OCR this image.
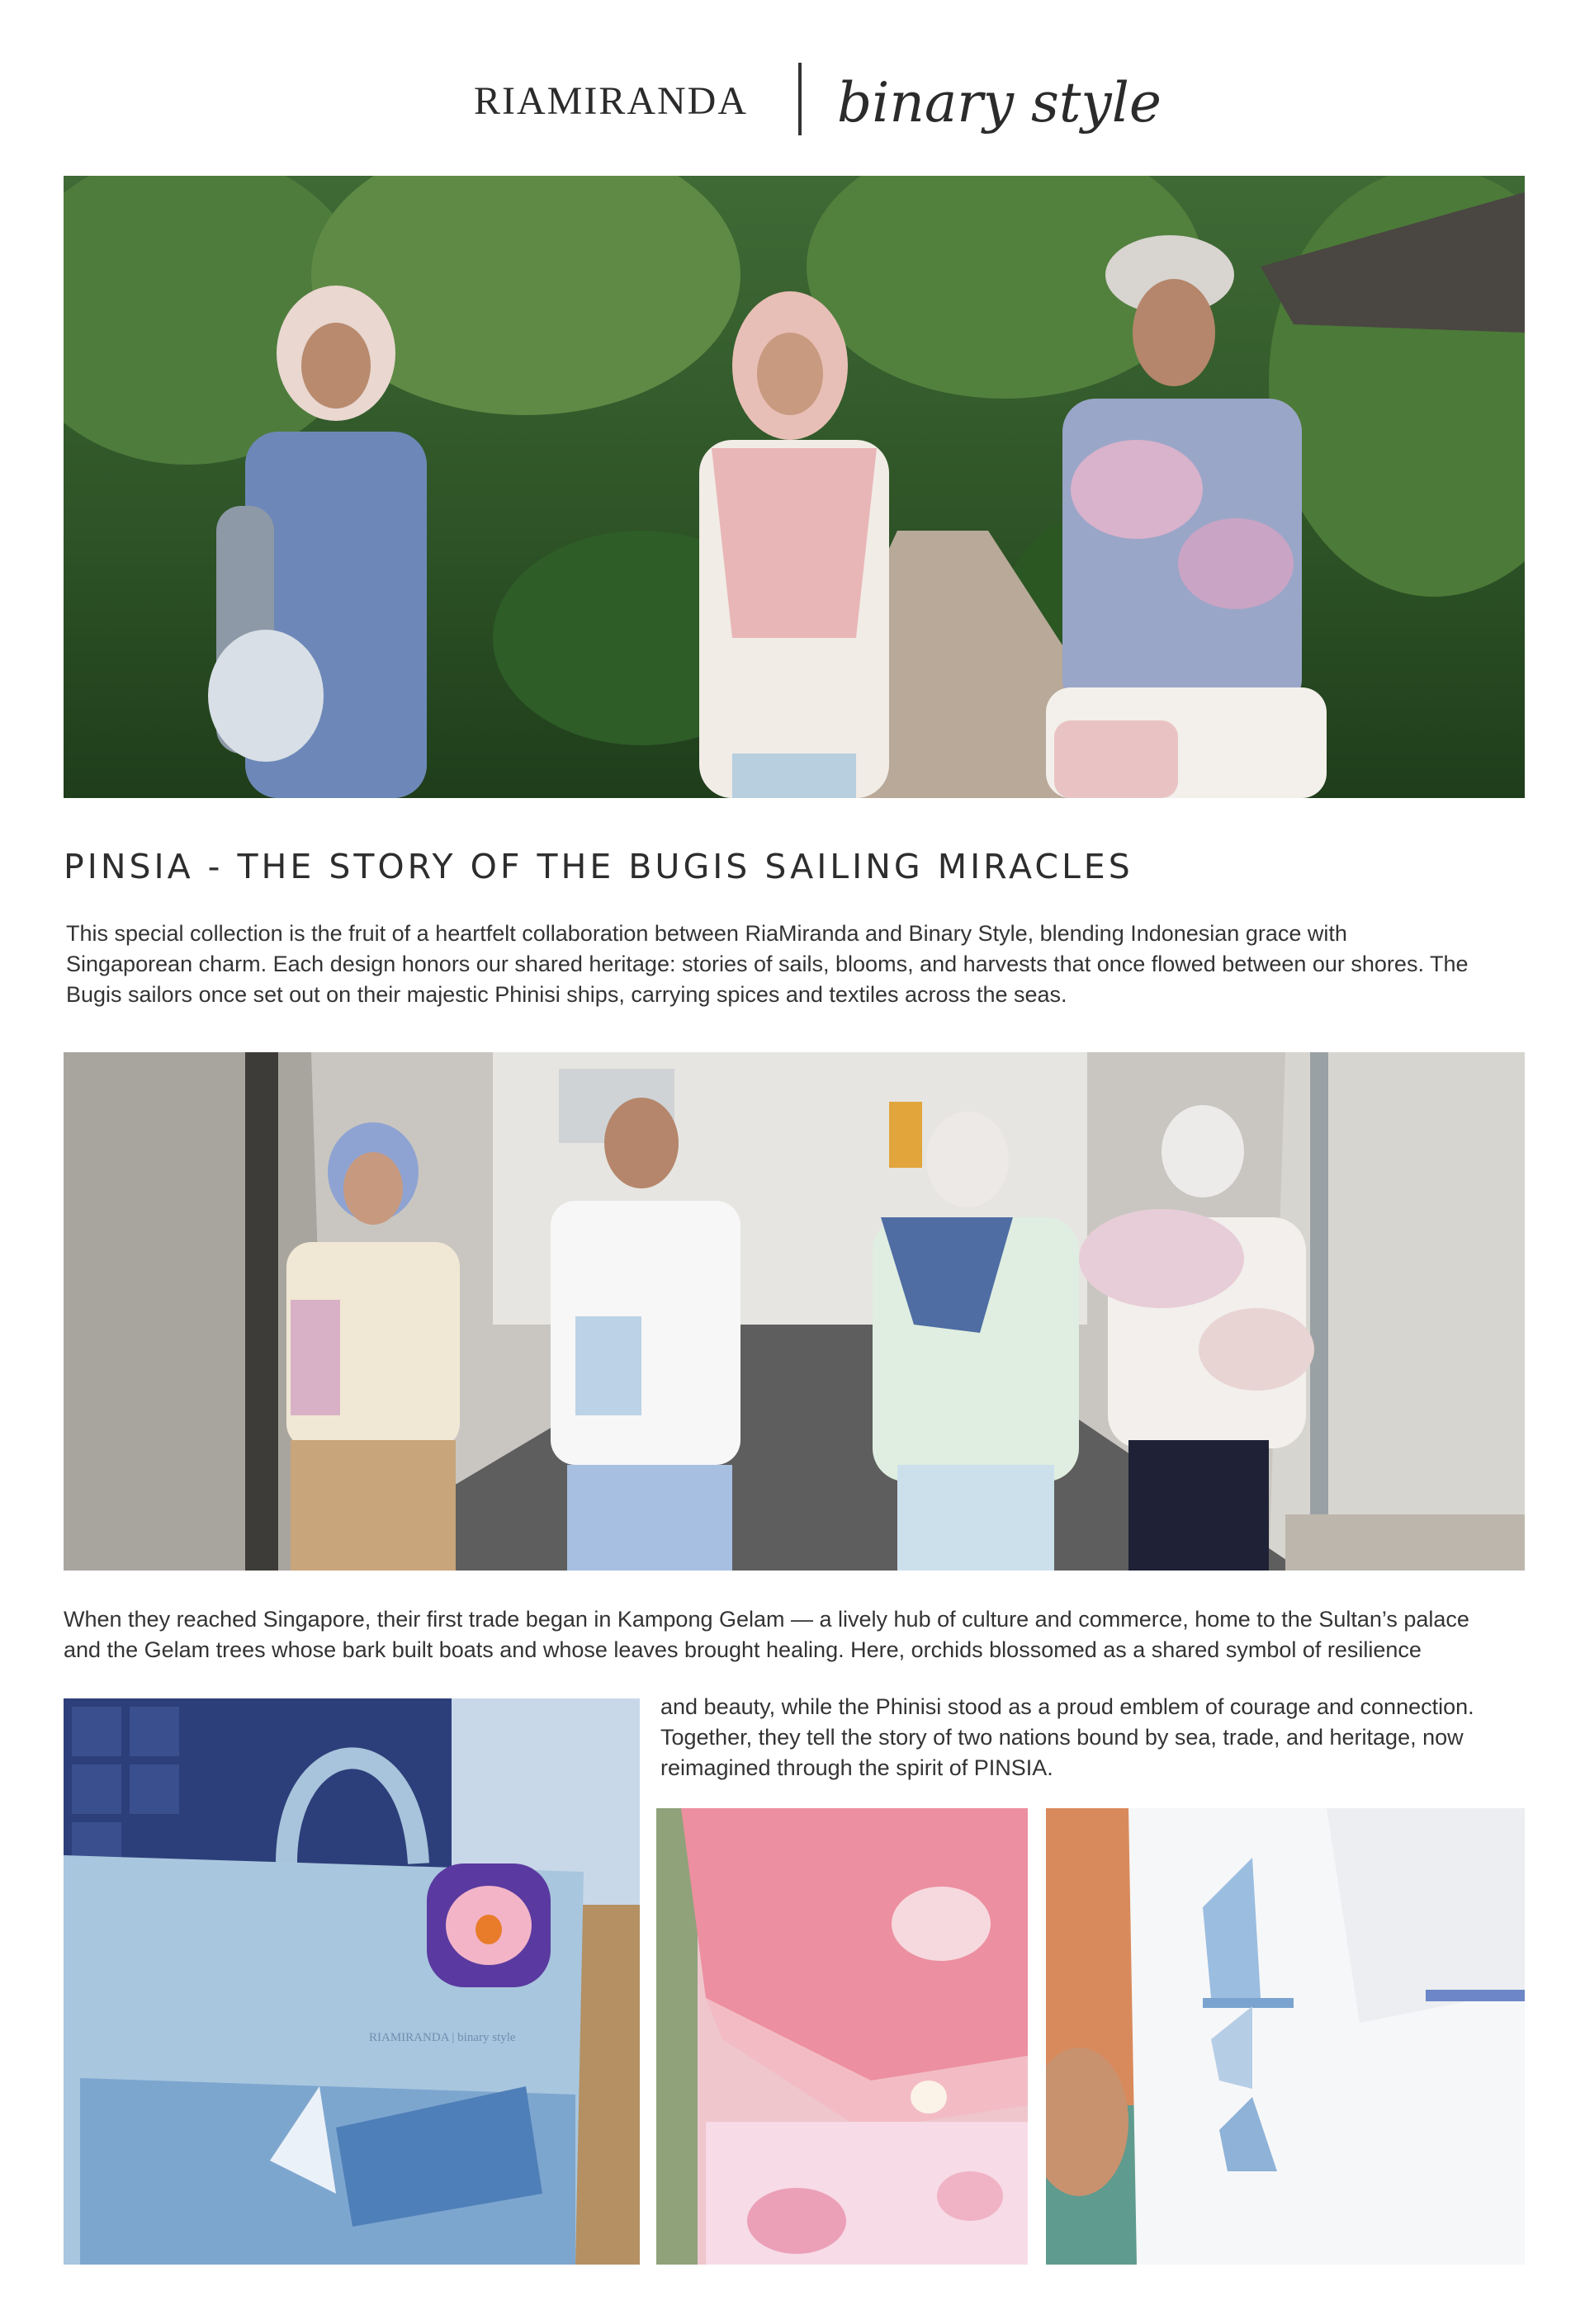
RIAMIRANDA binary style
PINSIA - THE STORY OF THE BUGIS SAILING MIRACLES
This special collection is the fruit of a heartfelt collaboration between RiaMiranda and Binary Style, blending Indonesian grace with
Singaporean charm. Each design honors our shared heritage: stories of sails, blooms, and harvests that once flowed between our shores. The
Bugis sailors once set out on their majestic Phinisi ships, carrying spices and textiles across the seas.
When they reached Singapore, their first trade began in Kampong Gelam — a lively hub of culture and commerce, home to the Sultan’s palace
and the Gelam trees whose bark built boats and whose leaves brought healing. Here, orchids blossomed as a shared symbol of resilience
and beauty, while the Phinisi stood as a proud emblem of courage and connection.
Together, they tell the story of two nations bound by sea, trade, and heritage, now
reimagined through the spirit of PINSIA.
RIAMIRANDA | binary style
